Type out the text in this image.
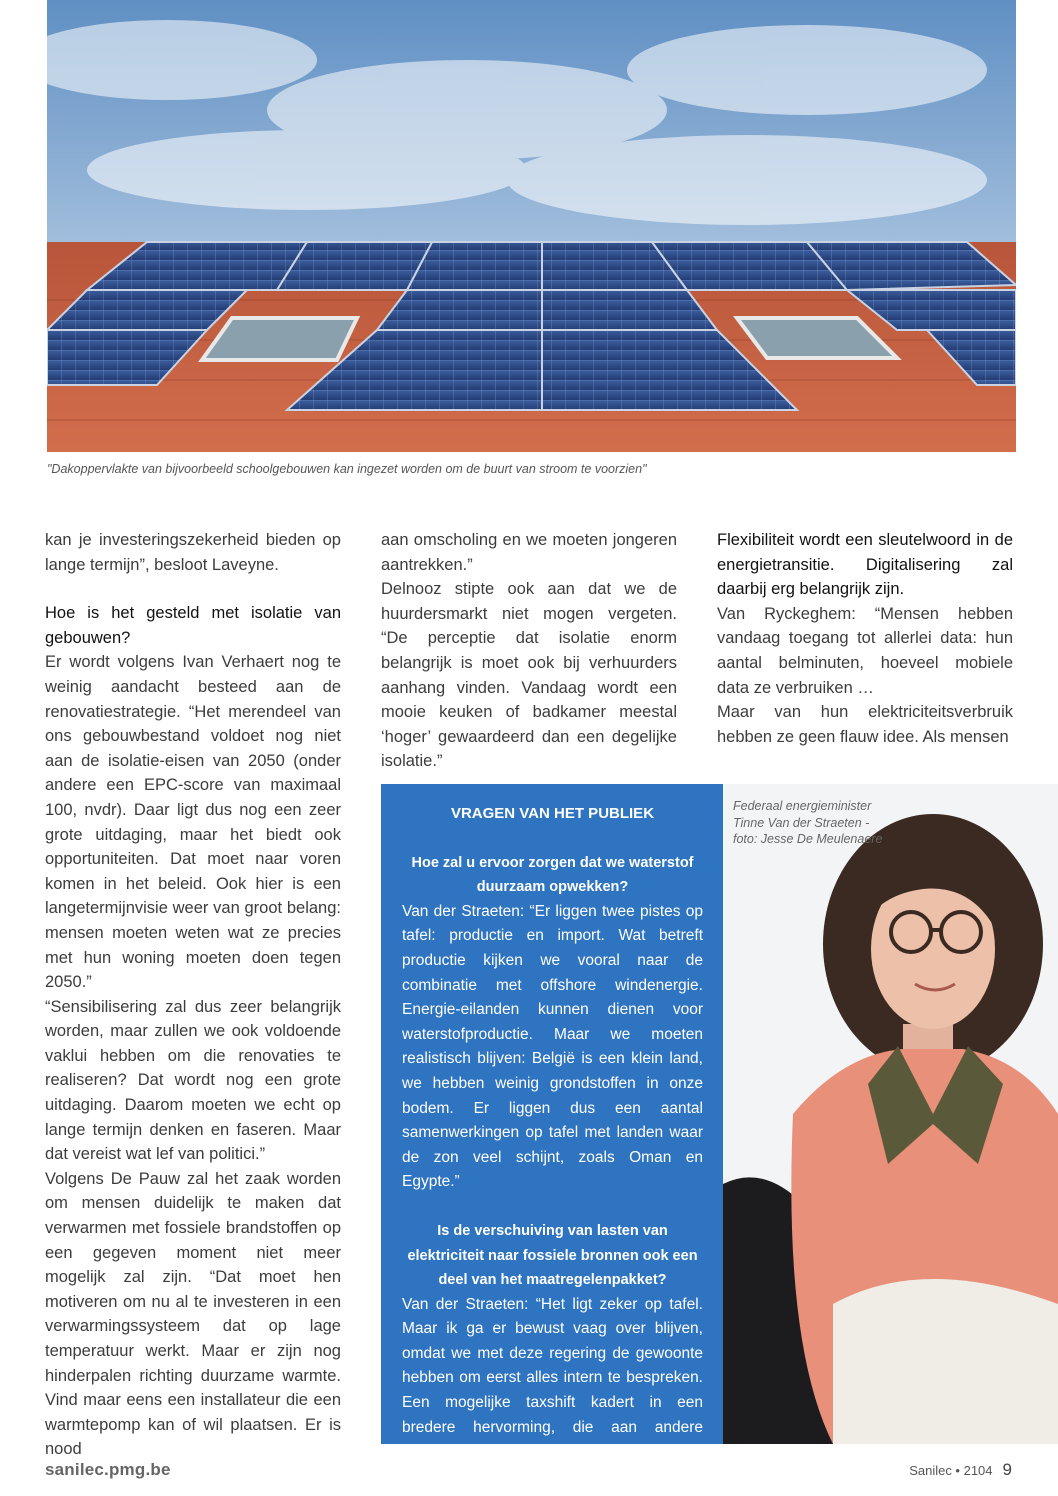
"Dakoppervlakte van bijvoorbeeld schoolgebouwen kan ingezet worden om de buurt van stroom te voorzien"

kan je investeringszekerheid bieden op lange termijn”, besloot Laveyne.

Hoe is het gesteld met isolatie van gebouwen?

Er wordt volgens Ivan Verhaert nog te weinig aandacht besteed aan de renovatiestrategie. “Het merendeel van ons gebouwbestand voldoet nog niet aan de isolatie-eisen van 2050 (onder andere een EPC-score van maximaal 100, nvdr). Daar ligt dus nog een zeer grote uitdaging, maar het biedt ook opportuniteiten. Dat moet naar voren komen in het beleid. Ook hier is een langetermijnvisie weer van groot belang: mensen moeten weten wat ze precies met hun woning moeten doen tegen 2050.”

“Sensibilisering zal dus zeer belangrijk worden, maar zullen we ook voldoende vaklui hebben om die renovaties te realiseren? Dat wordt nog een grote uitdaging. Daarom moeten we echt op lange termijn denken en faseren. Maar dat vereist wat lef van politici.”

Volgens De Pauw zal het zaak worden om mensen duidelijk te maken dat verwarmen met fossiele brandstoffen op een gegeven moment niet meer mogelijk zal zijn. “Dat moet hen motiveren om nu al te investeren in een verwarmingssysteem dat op lage temperatuur werkt. Maar er zijn nog hinderpalen richting duurzame warmte. Vind maar eens een installateur die een warmtepomp kan of wil plaatsen. Er is nood

aan omscholing en we moeten jongeren aantrekken.”

Delnooz stipte ook aan dat we de huurdersmarkt niet mogen vergeten. “De perceptie dat isolatie enorm belangrijk is moet ook bij verhuurders aanhang vinden. Vandaag wordt een mooie keuken of badkamer meestal ‘hoger’ gewaardeerd dan een degelijke isolatie.”

Flexibiliteit wordt een sleutelwoord in de energietransitie. Digitalisering zal daarbij erg belangrijk zijn.

Van Ryckeghem: “Mensen hebben vandaag toegang tot allerlei data: hun aantal belminuten, hoeveel mobiele data ze verbruiken …

Maar van hun elektriciteitsverbruik hebben ze geen flauw idee. Als mensen

VRAGEN VAN HET PUBLIEK

Hoe zal u ervoor zorgen dat we waterstof duurzaam opwekken?

Van der Straeten: “Er liggen twee pistes op tafel: productie en import. Wat betreft productie kijken we vooral naar de combinatie met offshore windenergie. Energie-eilanden kunnen dienen voor waterstofproductie. Maar we moeten realistisch blijven: België is een klein land, we hebben weinig grondstoffen in onze bodem. Er liggen dus een aantal samenwerkingen op tafel met landen waar de zon veel schijnt, zoals Oman en Egypte.”

Is de verschuiving van lasten van elektriciteit naar fossiele bronnen ook een deel van het maatregelenpakket?

Van der Straeten: “Het ligt zeker op tafel. Maar ik ga er bewust vaag over blijven, omdat we met deze regering de gewoonte hebben om eerst alles intern te bespreken. Een mogelijke taxshift kadert in een bredere hervorming, die aan andere bevoegdheden raakt. Ook hier moeten we dus samenwerken.”

Federaal energieminister
Tinne Van der Straeten -
foto: Jesse De Meulenaere
sanilec.pmg.be	Sanilec • 2104 9
